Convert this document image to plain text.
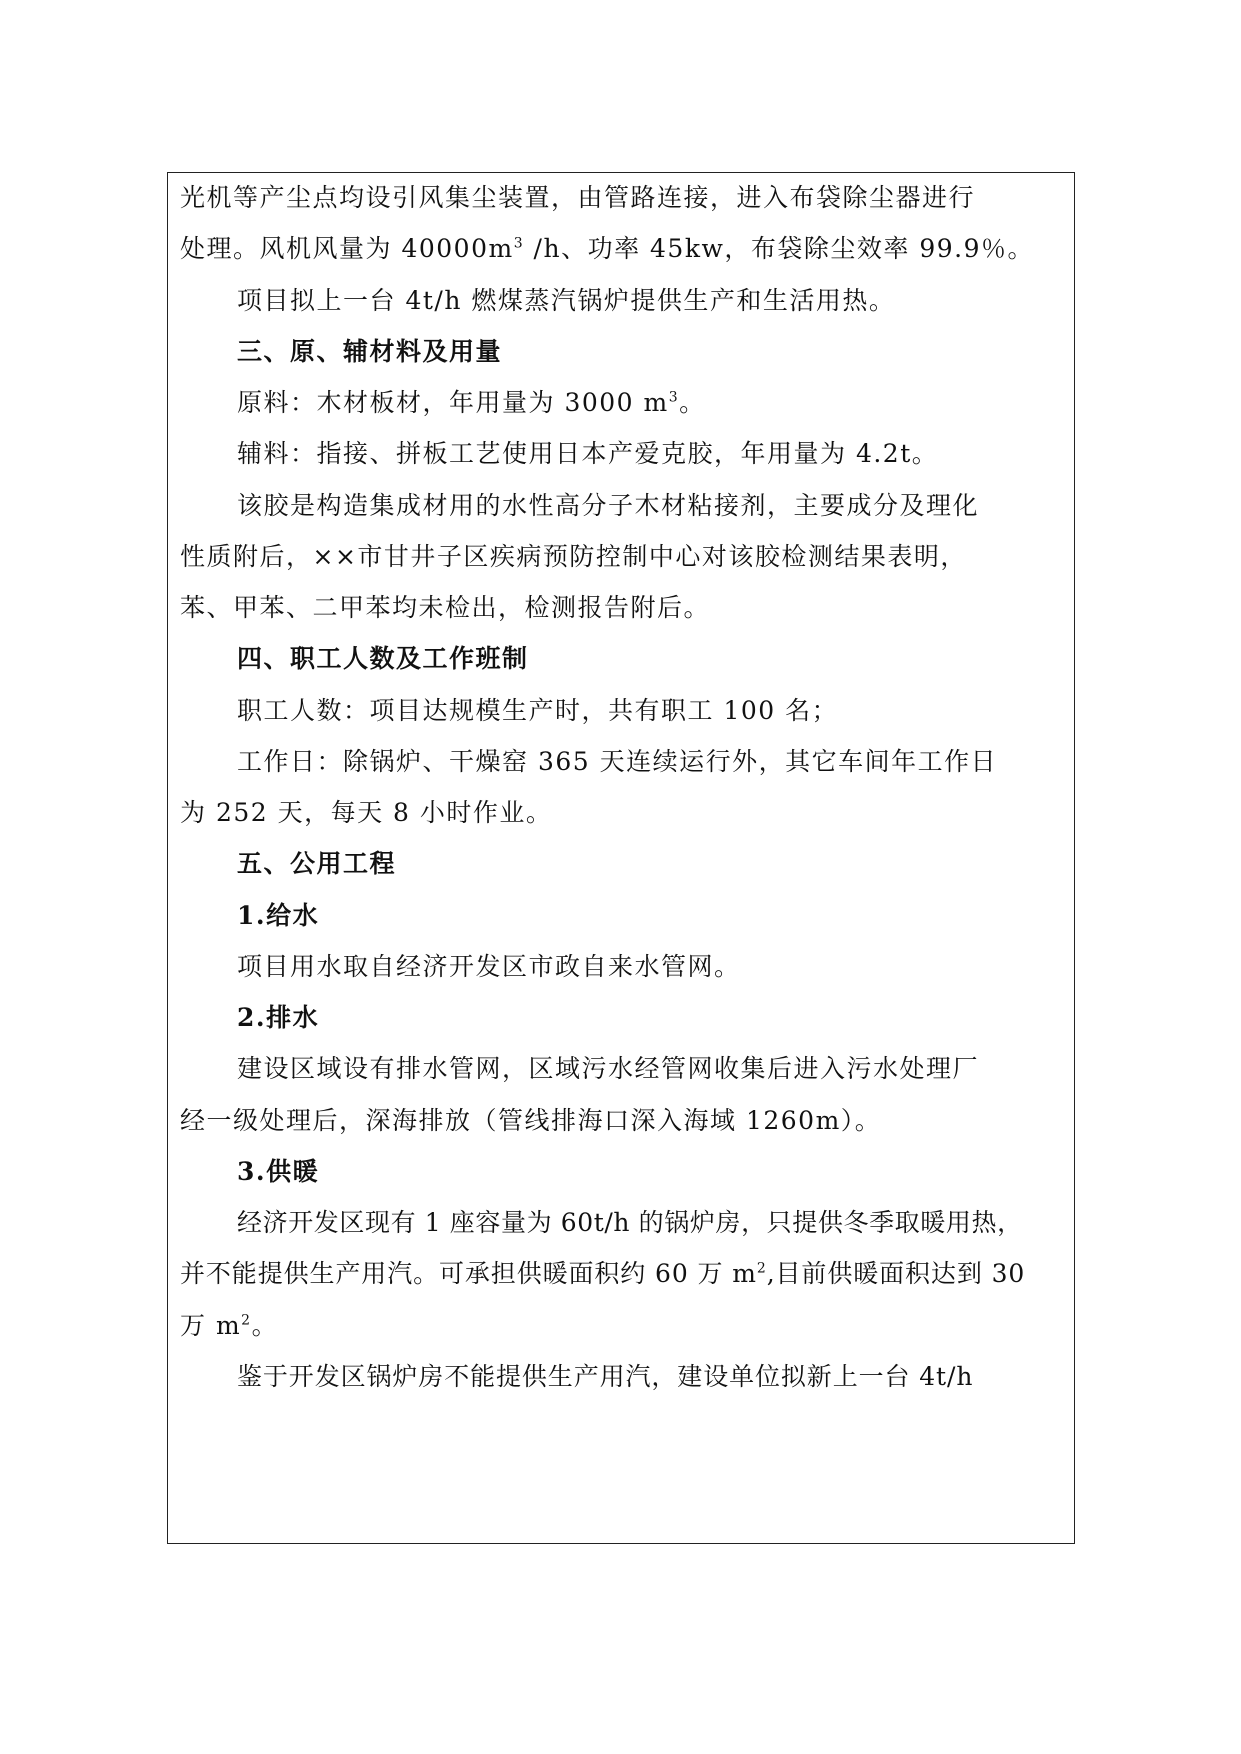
光机等产尘点均设引风集尘装置，由管路连接，进入布袋除尘器进行
处理。风机风量为 $40000m^3$ /h、功率 45kw，布袋除尘效率 99.9％。
项目拟上一台 4t/h 燃煤蒸汽锅炉提供生产和生活用热。
三、原、辅材料及用量
原料：木材板材，年用量为 3000 $m^3$。
辅料：指接、拼板工艺使用日本产爱克胶，年用量为 4.2t。
该胶是构造集成材用的水性高分子木材粘接剂，主要成分及理化
性质附后，××市甘井子区疾病预防控制中心对该胶检测结果表明，
苯、甲苯、二甲苯均未检出，检测报告附后。
四、职工人数及工作班制
职工人数：项目达规模生产时，共有职工 100 名；
工作日：除锅炉、干燥窑 365 天连续运行外，其它车间年工作日
为 252 天，每天 8 小时作业。
五、公用工程
1.给水
项目用水取自经济开发区市政自来水管网。
2.排水
建设区域设有排水管网，区域污水经管网收集后进入污水处理厂
经一级处理后，深海排放（管线排海口深入海域 1260m）。
3.供暖
经济开发区现有 1 座容量为 60t/h 的锅炉房，只提供冬季取暖用热，
并不能提供生产用汽。可承担供暖面积约 60 万 $m^2$,目前供暖面积达到 30
万 $m^2$。
鉴于开发区锅炉房不能提供生产用汽，建设单位拟新上一台 4t/h
